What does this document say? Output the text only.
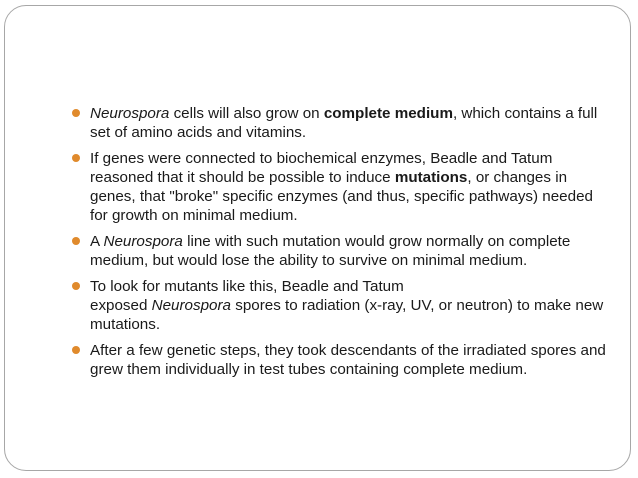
Neurospora cells will also grow on complete medium, which contains a full set of amino acids and vitamins.
If genes were connected to biochemical enzymes, Beadle and Tatum reasoned that it should be possible to induce mutations, or changes in genes, that "broke" specific enzymes (and thus, specific pathways) needed for growth on minimal medium.
A Neurospora line with such mutation would grow normally on complete medium, but would lose the ability to survive on minimal medium.
To look for mutants like this, Beadle and Tatum
exposed Neurospora spores to radiation (x-ray, UV, or neutron) to make new mutations.
After a few genetic steps, they took descendants of the irradiated spores and grew them individually in test tubes containing complete medium.
